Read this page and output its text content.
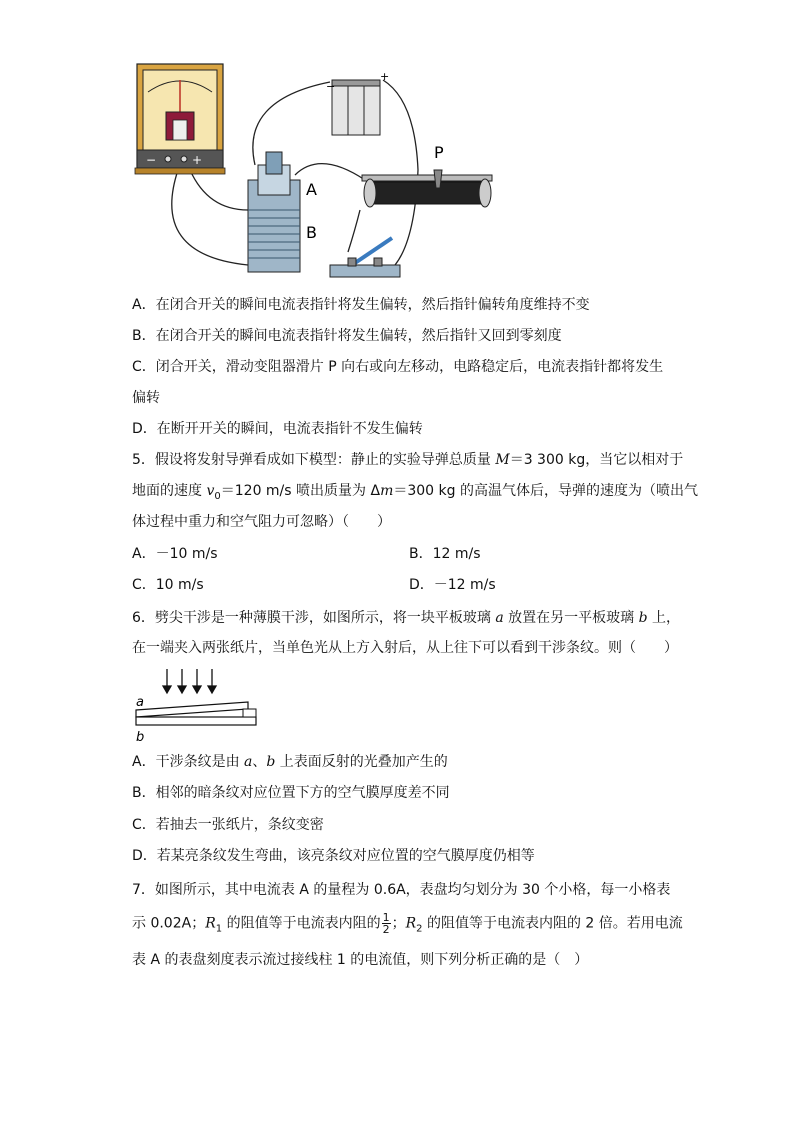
−	+
−
+
P
A
B
A．在闭合开关的瞬间电流表指针将发生偏转，然后指针偏转角度维持不变
B．在闭合开关的瞬间电流表指针将发生偏转，然后指针又回到零刻度
C．闭合开关，滑动变阻器滑片 P 向右或向左移动，电路稳定后，电流表指针都将发生
偏转
D．在断开开关的瞬间，电流表指针不发生偏转
5．假设将发射导弹看成如下模型：静止的实验导弹总质量 M＝3 300 kg，当它以相对于
地面的速度 $v_0=120$ m/s 喷出质量为 Δm＝300 kg 的高温气体后，导弹的速度为（喷出气
体过程中重力和空气阻力可忽略）（　　）
A．－10 m/s	B．12 m/s
C．10 m/s	D．－12 m/s
6．劈尖干涉是一种薄膜干涉，如图所示，将一块平板玻璃 a 放置在另一平板玻璃 b 上，
在一端夹入两张纸片，当单色光从上方入射后，从上往下可以看到干涉条纹。则（　　）
a
b
A．干涉条纹是由 a、b 上表面反射的光叠加产生的
B．相邻的暗条纹对应位置下方的空气膜厚度差不同
C．若抽去一张纸片，条纹变密
D．若某亮条纹发生弯曲，该亮条纹对应位置的空气膜厚度仍相等
7．如图所示，其中电流表 A 的量程为 0.6A，表盘均匀划分为 30 个小格，每一小格表
示 0.02A；$R_1$ 的阻值等于电流表内阻的 $\frac{1}{2}$ ；$R_2$ 的阻值等于电流表内阻的 2 倍。若用电流
表 A 的表盘刻度表示流过接线柱 1 的电流值，则下列分析正确的是（　）
